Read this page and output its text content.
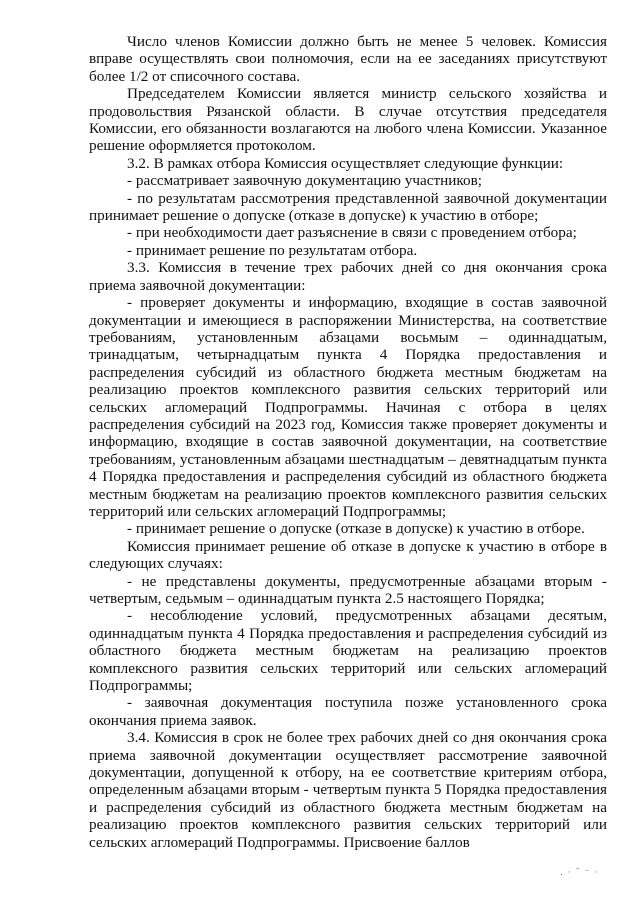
Число членов Комиссии должно быть не менее 5 человек. Комиссия вправе осуществлять свои полномочия, если на ее заседаниях присутствуют более 1/2 от списочного состава.

Председателем Комиссии является министр сельского хозяйства и продовольствия Рязанской области. В случае отсутствия председателя Комиссии, его обязанности возлагаются на любого члена Комиссии. Указанное решение оформляется протоколом.

3.2. В рамках отбора Комиссия осуществляет следующие функции:

- рассматривает заявочную документацию участников;

- по результатам рассмотрения представленной заявочной документации принимает решение о допуске (отказе в допуске) к участию в отборе;

- при необходимости дает разъяснение в связи с проведением отбора;

- принимает решение по результатам отбора.

3.3. Комиссия в течение трех рабочих дней со дня окончания срока приема заявочной документации:

- проверяет документы и информацию, входящие в состав заявочной документации и имеющиеся в распоряжении Министерства, на соответствие требованиям, установленным абзацами восьмым – одиннадцатым, тринадцатым, четырнадцатым пункта 4 Порядка предоставления и распределения субсидий из областного бюджета местным бюджетам на реализацию проектов комплексного развития сельских территорий или сельских агломераций Подпрограммы. Начиная с отбора в целях распределения субсидий на 2023 год, Комиссия также проверяет документы и информацию, входящие в состав заявочной документации, на соответствие требованиям, установленным абзацами шестнадцатым – девятнадцатым пункта 4 Порядка предоставления и распределения субсидий из областного бюджета местным бюджетам на реализацию проектов комплексного развития сельских территорий или сельских агломераций Подпрограммы;

- принимает решение о допуске (отказе в допуске) к участию в отборе.

Комиссия принимает решение об отказе в допуске к участию в отборе в следующих случаях:

- не представлены документы, предусмотренные абзацами вторым - четвертым, седьмым – одиннадцатым пункта 2.5 настоящего Порядка;

- несоблюдение условий, предусмотренных абзацами десятым, одиннадцатым пункта 4 Порядка предоставления и распределения субсидий из областного бюджета местным бюджетам на реализацию проектов комплексного развития сельских территорий или сельских агломераций Подпрограммы;

- заявочная документация поступила позже установленного срока окончания приема заявок.

3.4. Комиссия в срок не более трех рабочих дней со дня окончания срока приема заявочной документации осуществляет рассмотрение заявочной документации, допущенной к отбору, на ее соответствие критериям отбора, определенным абзацами вторым - четвертым пункта 5 Порядка предоставления и распределения субсидий из областного бюджета местным бюджетам на реализацию проектов комплексного развития сельских территорий или сельских агломераций Подпрограммы. Присвоение баллов

. · ˘ ⁻ ·
